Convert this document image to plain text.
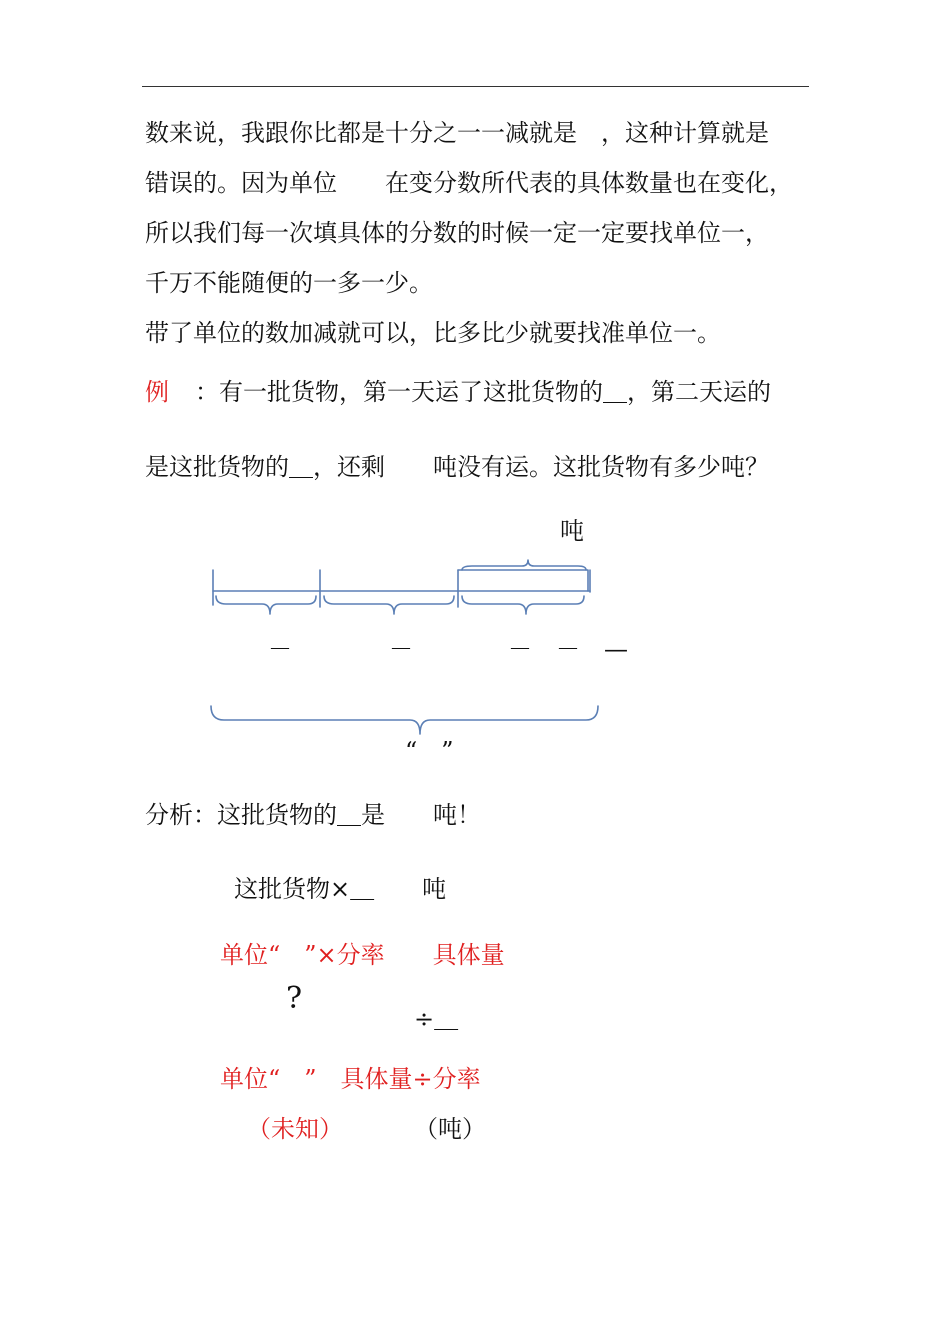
数来说，我跟你比都是十分之一一减就是　，这种计算就是
错误的。因为单位　　在变分数所代表的具体数量也在变化，
所以我们每一次填具体的分数的时候一定一定要找单位一，
千万不能随便的一多一少。
带了单位的数加减就可以，比多比少就要找准单位一。
例 ：有一批货物，第一天运了这批货物的＿，第二天运的
是这批货物的＿，还剩　　吨没有运。这批货物有多少吨？
吨
－	－	－　－　—
“　”
分析：这批货物的＿是　　吨！
这批货物×＿　　吨
单位“　”×分率　　具体量
?
÷＿
单位“　”　具体量÷分率
（未知）	（吨）
